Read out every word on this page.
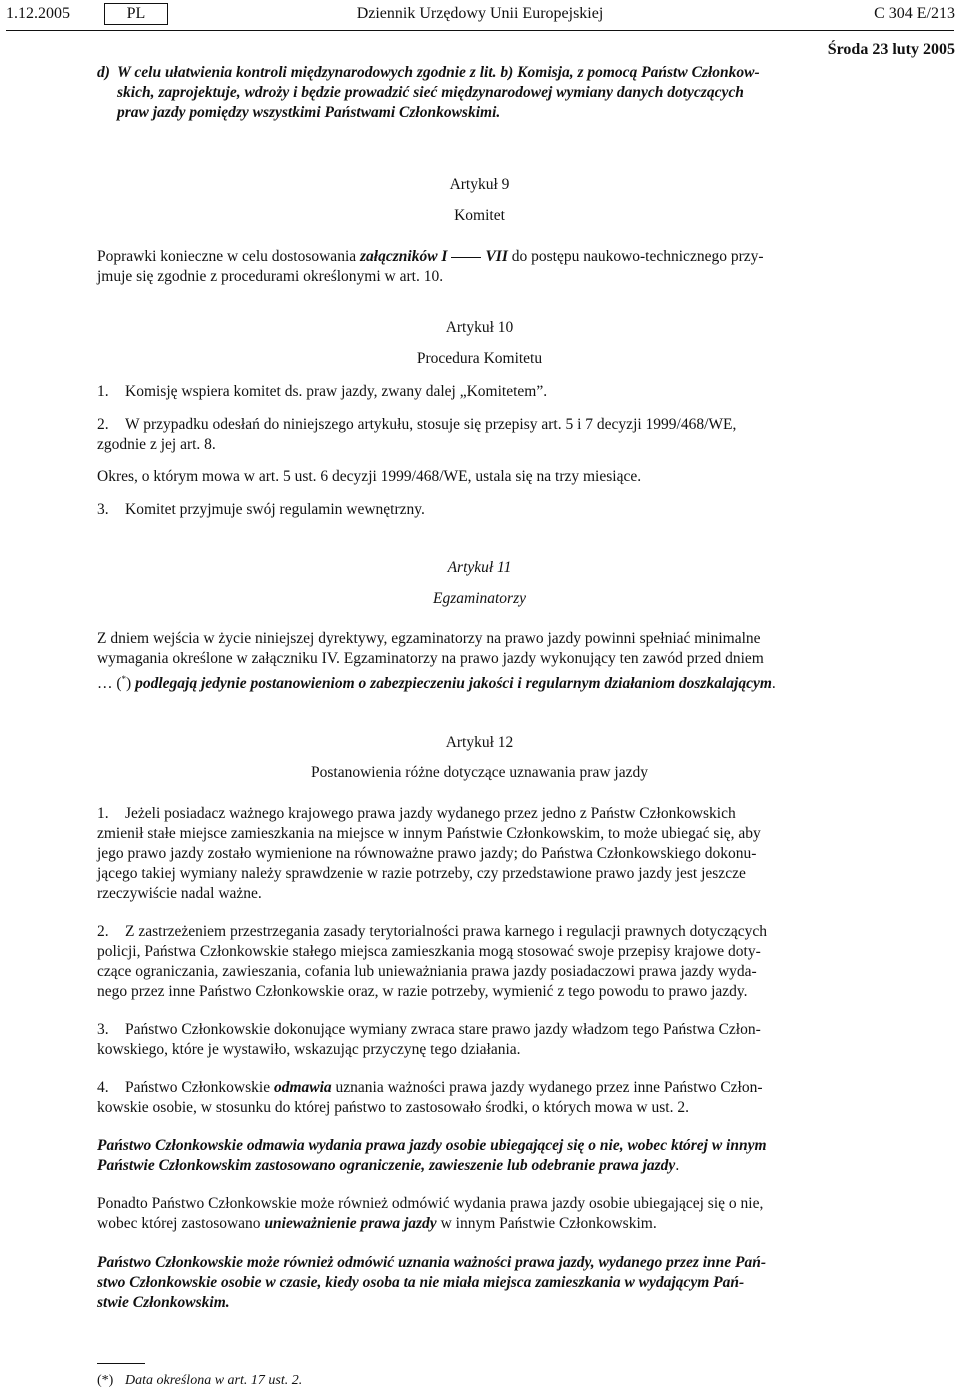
1.12.2005	PL	Dziennik Urzędowy Unii Europejskiej	C 304 E/213
Środa 23 luty 2005
d) W celu ułatwienia kontroli międzynarodowych zgodnie z lit. b) Komisja, z pomocą Państw Członkow-
skich, zaprojektuje, wdroży i będzie prowadzić sieć międzynarodowej wymiany danych dotyczących
praw jazdy pomiędzy wszystkimi Państwami Członkowskimi.
Artykuł 9
Komitet
Poprawki konieczne w celu dostosowania załączników I VII do postępu naukowo-technicznego przy-
jmuje się zgodnie z procedurami określonymi w art. 10.
Artykuł 10
Procedura Komitetu
1. Komisję wspiera komitet ds. praw jazdy, zwany dalej „Komitetem”.
2. W przypadku odesłań do niniejszego artykułu, stosuje się przepisy art. 5 i 7 decyzji 1999/468/WE,
zgodnie z jej art. 8.
Okres, o którym mowa w art. 5 ust. 6 decyzji 1999/468/WE, ustala się na trzy miesiące.
3. Komitet przyjmuje swój regulamin wewnętrzny.
Artykuł 11
Egzaminatorzy
Z dniem wejścia w życie niniejszej dyrektywy, egzaminatorzy na prawo jazdy powinni spełniać minimalne
wymagania określone w załączniku IV. Egzaminatorzy na prawo jazdy wykonujący ten zawód przed dniem
… (*) podlegają jedynie postanowieniom o zabezpieczeniu jakości i regularnym działaniom doszkalającym.
Artykuł 12
Postanowienia różne dotyczące uznawania praw jazdy
1. Jeżeli posiadacz ważnego krajowego prawa jazdy wydanego przez jedno z Państw Członkowskich
zmienił stałe miejsce zamieszkania na miejsce w innym Państwie Członkowskim, to może ubiegać się, aby
jego prawo jazdy zostało wymienione na równoważne prawo jazdy; do Państwa Członkowskiego dokonu-
jącego takiej wymiany należy sprawdzenie w razie potrzeby, czy przedstawione prawo jazdy jest jeszcze
rzeczywiście nadal ważne.
2. Z zastrzeżeniem przestrzegania zasady terytorialności prawa karnego i regulacji prawnych dotyczących
policji, Państwa Członkowskie stałego miejsca zamieszkania mogą stosować swoje przepisy krajowe doty-
czące ograniczania, zawieszania, cofania lub unieważniania prawa jazdy posiadaczowi prawa jazdy wyda-
nego przez inne Państwo Członkowskie oraz, w razie potrzeby, wymienić z tego powodu to prawo jazdy.
3. Państwo Członkowskie dokonujące wymiany zwraca stare prawo jazdy władzom tego Państwa Człon-
kowskiego, które je wystawiło, wskazując przyczynę tego działania.
4. Państwo Członkowskie odmawia uznania ważności prawa jazdy wydanego przez inne Państwo Człon-
kowskie osobie, w stosunku do której państwo to zastosowało środki, o których mowa w ust. 2.
Państwo Członkowskie odmawia wydania prawa jazdy osobie ubiegającej się o nie, wobec której w innym
Państwie Członkowskim zastosowano ograniczenie, zawieszenie lub odebranie prawa jazdy.
Ponadto Państwo Członkowskie może również odmówić wydania prawa jazdy osobie ubiegającej się o nie,
wobec której zastosowano unieważnienie prawa jazdy w innym Państwie Członkowskim.
Państwo Członkowskie może również odmówić uznania ważności prawa jazdy, wydanego przez inne Pań-
stwo Członkowskie osobie w czasie, kiedy osoba ta nie miała miejsca zamieszkania w wydającym Pań-
stwie Członkowskim.
(*) Data określona w art. 17 ust. 2.
